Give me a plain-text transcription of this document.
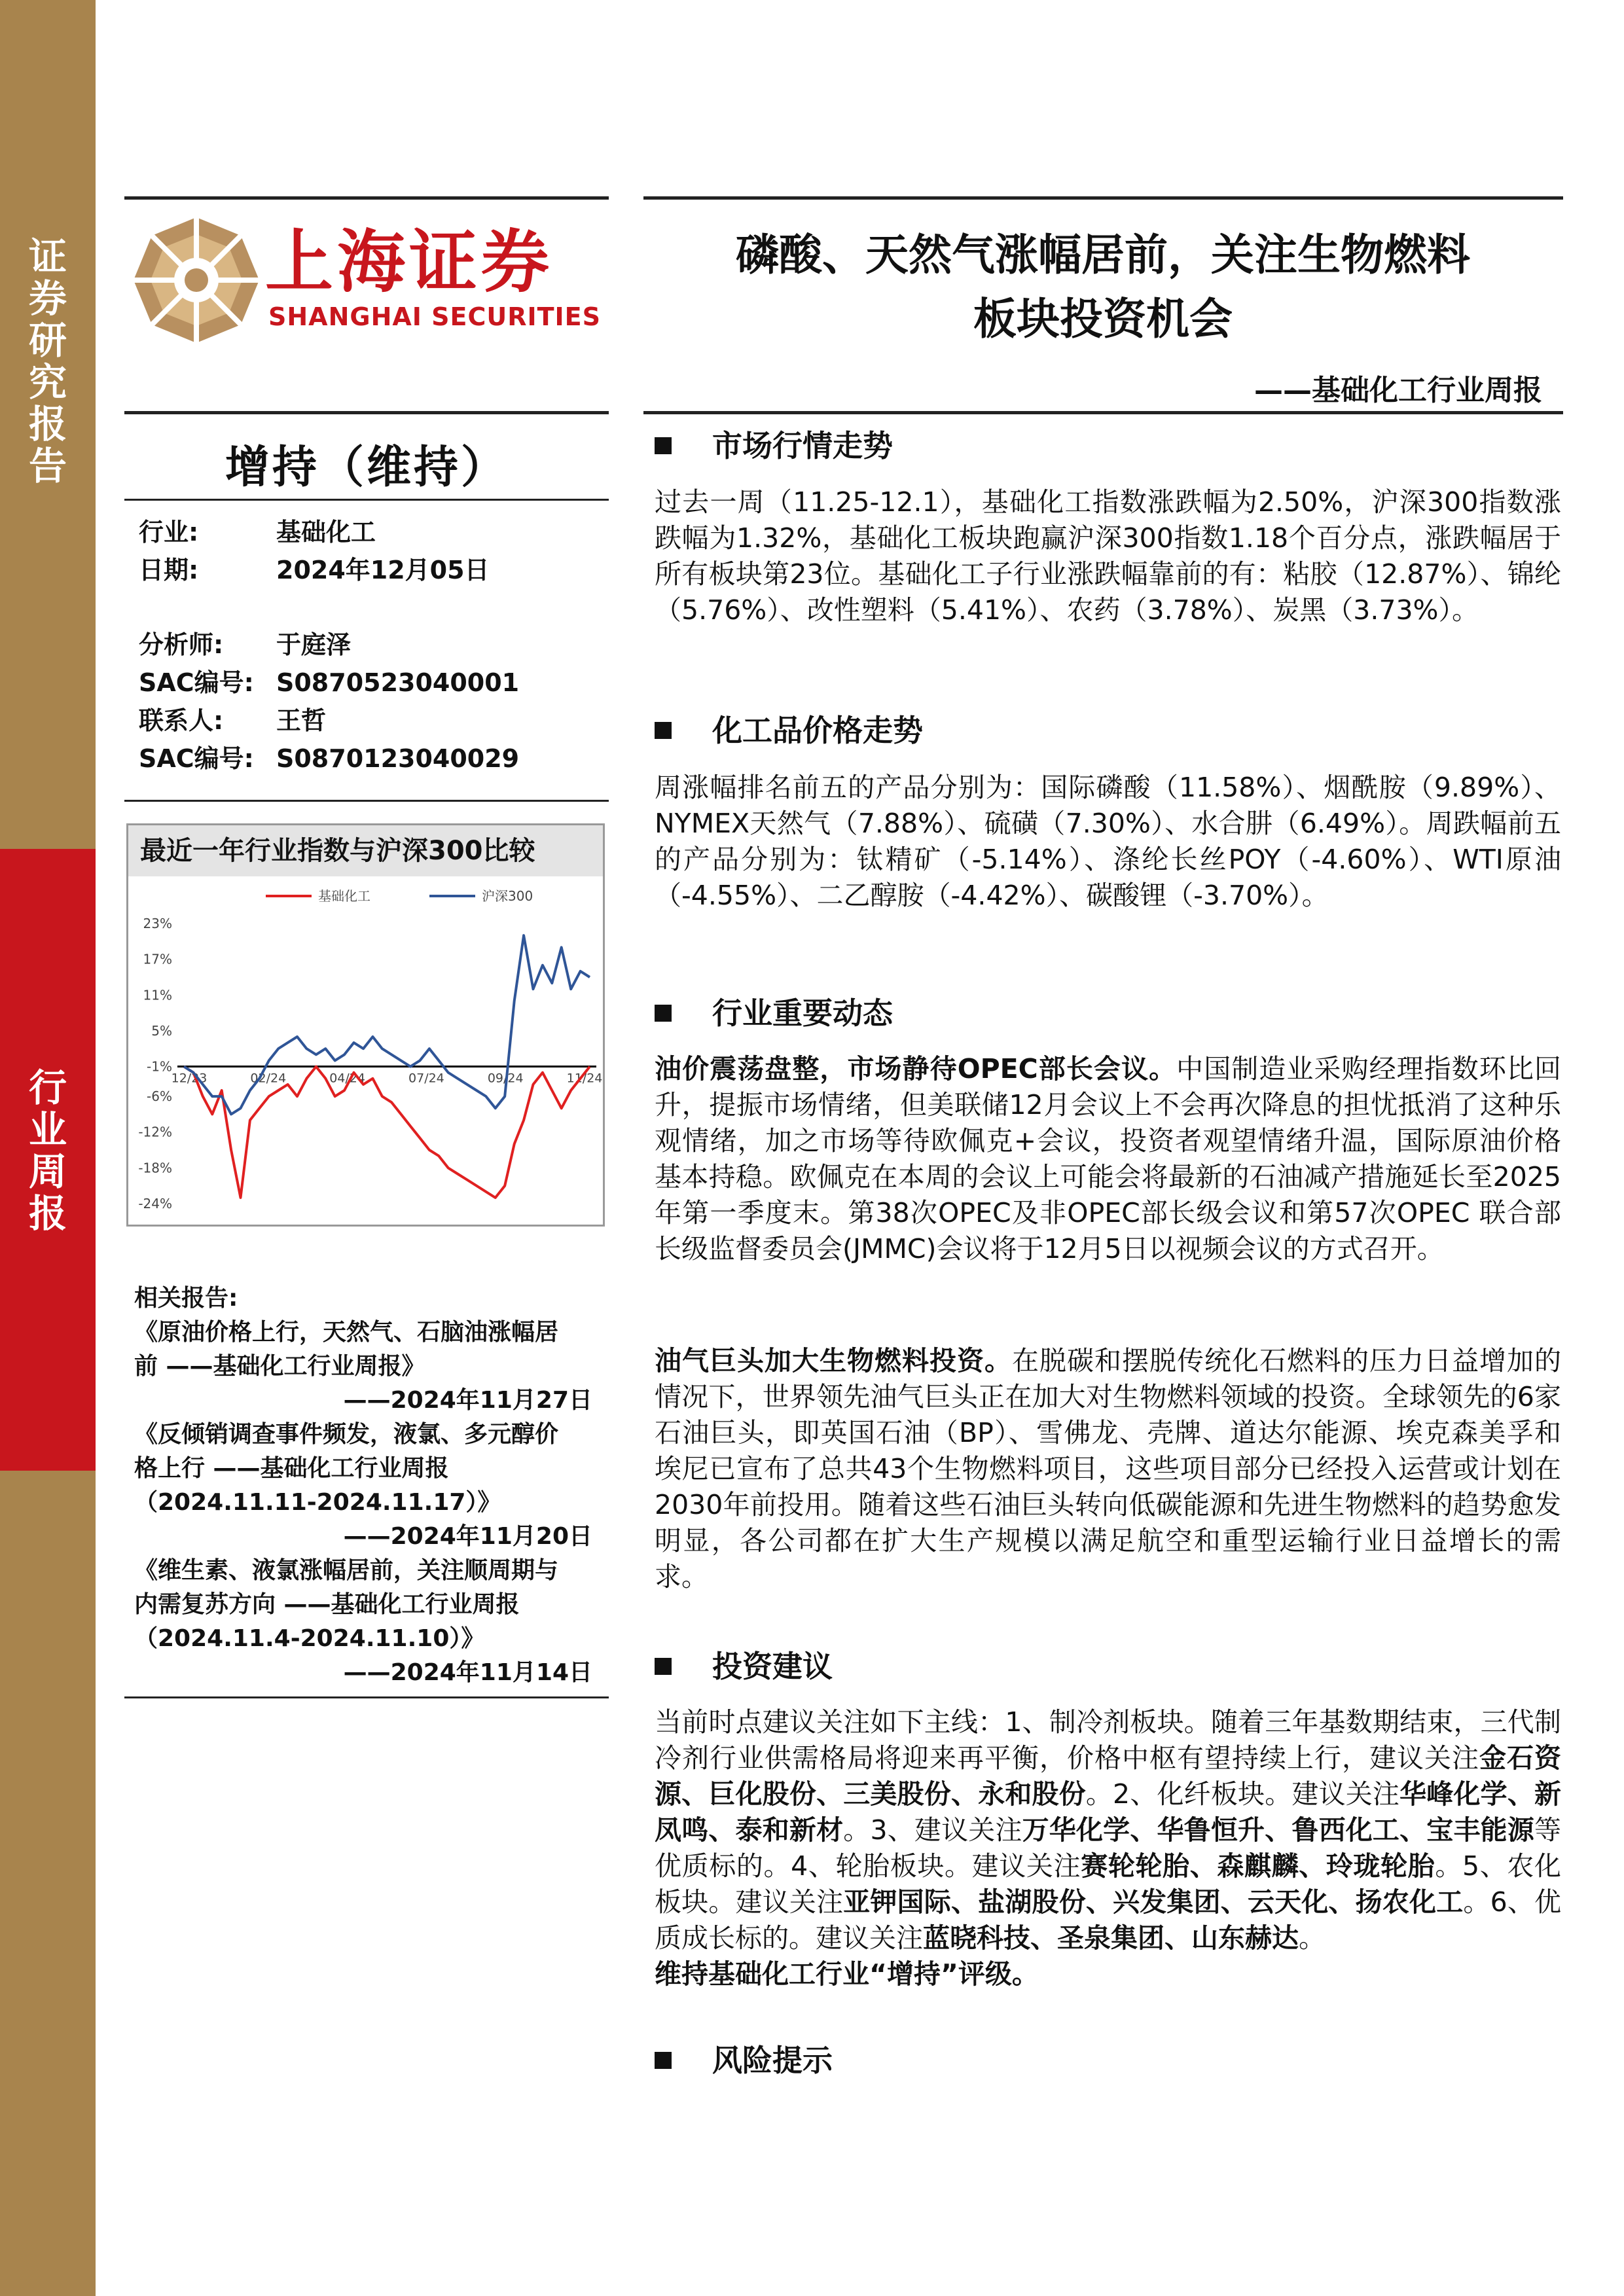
证
券
研
究
报
告
行
业
周
报
上海证券
SHANGHAI SECURITIES
磷酸、天然气涨幅居前，关注生物燃料
板块投资机会
——基础化工行业周报
增持（维持）
行业:	基础化工
日期:	2024年12月05日
分析师: 于庭泽
SAC编号: S0870523040001
联系人: 王哲
SAC编号: S0870123040029
最近一年行业指数与沪深300比较
23%
17%
11%
5%
-1%
-6%
-12%
-18%
-24%
12/23	02/24	04/24	07/24	09/24	11/24
基础化工	沪深300
相关报告:
《原油价格上行，天然气、石脑油涨幅居
前 ——基础化工行业周报》
——2024年11月27日
《反倾销调查事件频发，液氯、多元醇价
格上行 ——基础化工行业周报
（2024.11.11-2024.11.17）》
——2024年11月20日
《维生素、液氯涨幅居前，关注顺周期与
内需复苏方向 ——基础化工行业周报
（2024.11.4-2024.11.10）》
——2024年11月14日
市场行情走势
过去一周（11.25-12.1），基础化工指数涨跌幅为2.50%，沪深300指数涨跌幅为1.32%，基础化工板块跑赢沪深300指数1.18个百分点，涨跌幅居于所有板块第23位。基础化工子行业涨跌幅靠前的有：粘胶（12.87%）、锦纶（5.76%）、改性塑料（5.41%）、农药（3.78%）、炭黑（3.73%）。
化工品价格走势
周涨幅排名前五的产品分别为：国际磷酸（11.58%）、烟酰胺（9.89%）、NYMEX天然气（7.88%）、硫磺（7.30%）、水合肼（6.49%）。周跌幅前五的产品分别为：钛精矿（-5.14%）、涤纶长丝POY（-4.60%）、WTI原油（-4.55%）、二乙醇胺（-4.42%）、碳酸锂（-3.70%）。
行业重要动态
油价震荡盘整，市场静待OPEC部长会议。中国制造业采购经理指数环比回升，提振市场情绪，但美联储12月会议上不会再次降息的担忧抵消了这种乐观情绪，加之市场等待欧佩克+会议，投资者观望情绪升温，国际原油价格基本持稳。欧佩克在本周的会议上可能会将最新的石油减产措施延长至2025年第一季度末。第38次OPEC及非OPEC部长级会议和第57次OPEC 联合部长级监督委员会(JMMC)会议将于12月5日以视频会议的方式召开。
油气巨头加大生物燃料投资。在脱碳和摆脱传统化石燃料的压力日益增加的情况下，世界领先油气巨头正在加大对生物燃料领域的投资。全球领先的6家石油巨头，即英国石油（BP）、雪佛龙、壳牌、道达尔能源、埃克森美孚和埃尼已宣布了总共43个生物燃料项目，这些项目部分已经投入运营或计划在2030年前投用。随着这些石油巨头转向低碳能源和先进生物燃料的趋势愈发明显，各公司都在扩大生产规模以满足航空和重型运输行业日益增长的需求。
投资建议
当前时点建议关注如下主线：1、制冷剂板块。随着三年基数期结束，三代制冷剂行业供需格局将迎来再平衡，价格中枢有望持续上行，建议关注金石资源、巨化股份、三美股份、永和股份。2、化纤板块。建议关注华峰化学、新凤鸣、泰和新材。3、建议关注万华化学、华鲁恒升、鲁西化工、宝丰能源等优质标的。4、轮胎板块。建议关注赛轮轮胎、森麒麟、玲珑轮胎。5、农化板块。建议关注亚钾国际、盐湖股份、兴发集团、云天化、扬农化工。6、优质成长标的。建议关注蓝晓科技、圣泉集团、山东赫达。
维持基础化工行业“增持”评级。
风险提示
